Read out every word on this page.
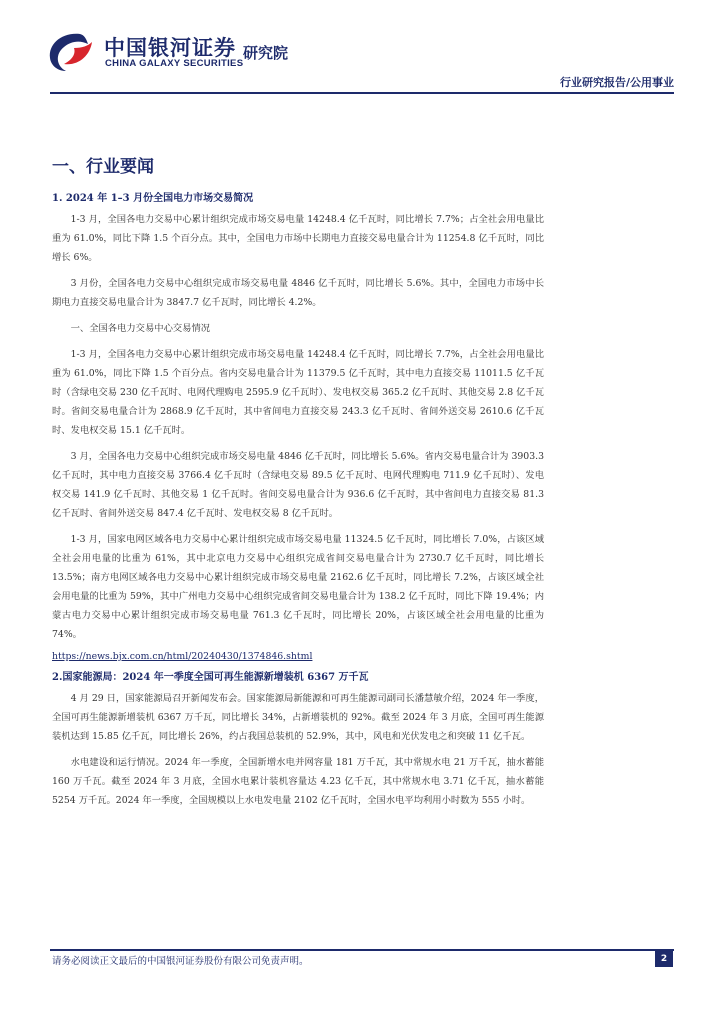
中国银河证券
CHINA GALAXY SECURITIES
研究院
行业研究报告/公用事业
一、行业要闻
1. 2024 年 1–3 月份全国电力市场交易简况

1-3 月，全国各电力交易中心累计组织完成市场交易电量 14248.4 亿千瓦时，同比增长 7.7%；占全社会用电量比重为 61.0%，同比下降 1.5 个百分点。其中，全国电力市场中长期电力直接交易电量合计为 11254.8 亿千瓦时，同比增长 6%。

3 月份，全国各电力交易中心组织完成市场交易电量 4846 亿千瓦时，同比增长 5.6%。其中，全国电力市场中长期电力直接交易电量合计为 3847.7 亿千瓦时，同比增长 4.2%。

一、全国各电力交易中心交易情况

1-3 月，全国各电力交易中心累计组织完成市场交易电量 14248.4 亿千瓦时，同比增长 7.7%，占全社会用电量比重为 61.0%，同比下降 1.5 个百分点。省内交易电量合计为 11379.5 亿千瓦时，其中电力直接交易 11011.5 亿千瓦时（含绿电交易 230 亿千瓦时、电网代理购电 2595.9 亿千瓦时）、发电权交易 365.2 亿千瓦时、其他交易 2.8 亿千瓦时。省间交易电量合计为 2868.9 亿千瓦时，其中省间电力直接交易 243.3 亿千瓦时、省间外送交易 2610.6 亿千瓦时、发电权交易 15.1 亿千瓦时。

3 月，全国各电力交易中心组织完成市场交易电量 4846 亿千瓦时，同比增长 5.6%。省内交易电量合计为 3903.3 亿千瓦时，其中电力直接交易 3766.4 亿千瓦时（含绿电交易 89.5 亿千瓦时、电网代理购电 711.9 亿千瓦时）、发电权交易 141.9 亿千瓦时、其他交易 1 亿千瓦时。省间交易电量合计为 936.6 亿千瓦时，其中省间电力直接交易 81.3 亿千瓦时、省间外送交易 847.4 亿千瓦时、发电权交易 8 亿千瓦时。

1-3 月，国家电网区域各电力交易中心累计组织完成市场交易电量 11324.5 亿千瓦时，同比增长 7.0%，占该区域全社会用电量的比重为 61%，其中北京电力交易中心组织完成省间交易电量合计为 2730.7 亿千瓦时，同比增长 13.5%；南方电网区域各电力交易中心累计组织完成市场交易电量 2162.6 亿千瓦时，同比增长 7.2%，占该区域全社会用电量的比重为 59%，其中广州电力交易中心组织完成省间交易电量合计为 138.2 亿千瓦时，同比下降 19.4%；内蒙古电力交易中心累计组织完成市场交易电量 761.3 亿千瓦时，同比增长 20%，占该区域全社会用电量的比重为 74%。

https://news.bjx.com.cn/html/20240430/1374846.shtml
2.国家能源局：2024 年一季度全国可再生能源新增装机 6367 万千瓦

4 月 29 日，国家能源局召开新闻发布会。国家能源局新能源和可再生能源司副司长潘慧敏介绍，2024 年一季度，全国可再生能源新增装机 6367 万千瓦，同比增长 34%，占新增装机的 92%。截至 2024 年 3 月底，全国可再生能源装机达到 15.85 亿千瓦，同比增长 26%，约占我国总装机的 52.9%，其中，风电和光伏发电之和突破 11 亿千瓦。

水电建设和运行情况。2024 年一季度，全国新增水电并网容量 181 万千瓦，其中常规水电 21 万千瓦，抽水蓄能 160 万千瓦。截至 2024 年 3 月底，全国水电累计装机容量达 4.23 亿千瓦，其中常规水电 3.71 亿千瓦，抽水蓄能 5254 万千瓦。2024 年一季度，全国规模以上水电发电量 2102 亿千瓦时，全国水电平均利用小时数为 555 小时。

请务必阅读正文最后的中国银河证券股份有限公司免责声明。	2
